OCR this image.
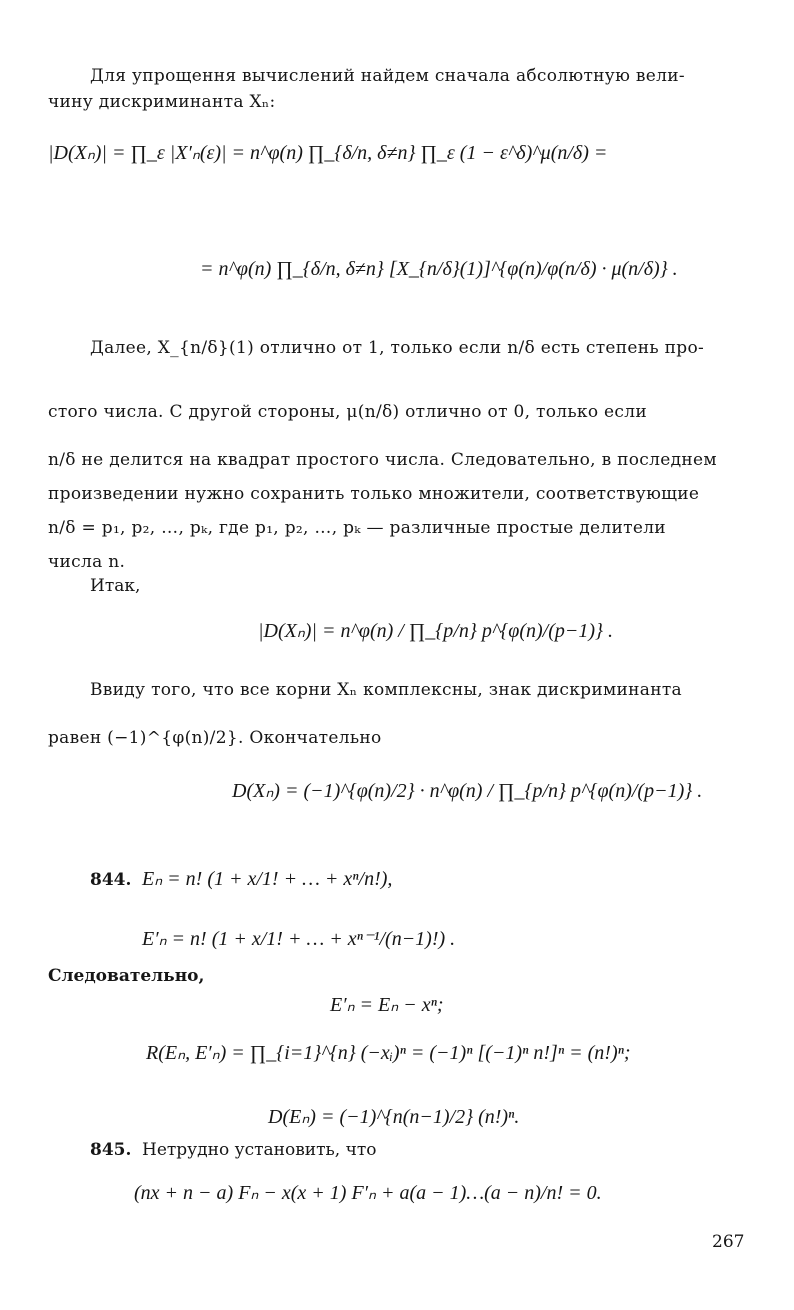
Для упрощення вычислений найдем сначала абсолютную вели-
чину дискриминанта Xₙ:
|D(Xₙ)| = ∏_ε |X′ₙ(ε)| = n^φ(n) ∏_{δ/n, δ≠n} ∏_ε (1 − ε^δ)^μ(n/δ) =
= n^φ(n) ∏_{δ/n, δ≠n} [X_{n/δ}(1)]^{φ(n)/φ(n/δ) · μ(n/δ)} .
Далее, X_{n/δ}(1) отлично от 1, только если n/δ есть степень про-
стого числа. С другой стороны, μ(n/δ) отлично от 0, только если
n/δ не делится на квадрат простого числа. Следовательно, в последнем
произведении нужно сохранить только множители, соответствующие
n/δ = p₁, p₂, …, pₖ, где p₁, p₂, …, pₖ — различные простые делители
числа n.
Итак,
|D(Xₙ)| = n^φ(n) / ∏_{p/n} p^{φ(n)/(p−1)} .
Ввиду того, что все корни Xₙ комплексны, знак дискриминанта
равен (−1)^{φ(n)/2}. Окончательно
D(Xₙ) = (−1)^{φ(n)/2} · n^φ(n) / ∏_{p/n} p^{φ(n)/(p−1)} .
844. Eₙ = n! (1 + x/1! + … + xⁿ/n!),
E′ₙ = n! (1 + x/1! + … + xⁿ⁻¹/(n−1)!) .
Следовательно,
E′ₙ = Eₙ − xⁿ;
R(Eₙ, E′ₙ) = ∏_{i=1}^{n} (−xᵢ)ⁿ = (−1)ⁿ [(−1)ⁿ n!]ⁿ = (n!)ⁿ;
D(Eₙ) = (−1)^{n(n−1)/2} (n!)ⁿ.
845. Нетрудно установить, что
(nx + n − a) Fₙ − x(x + 1) F′ₙ + a(a − 1)…(a − n)/n! = 0.
267
